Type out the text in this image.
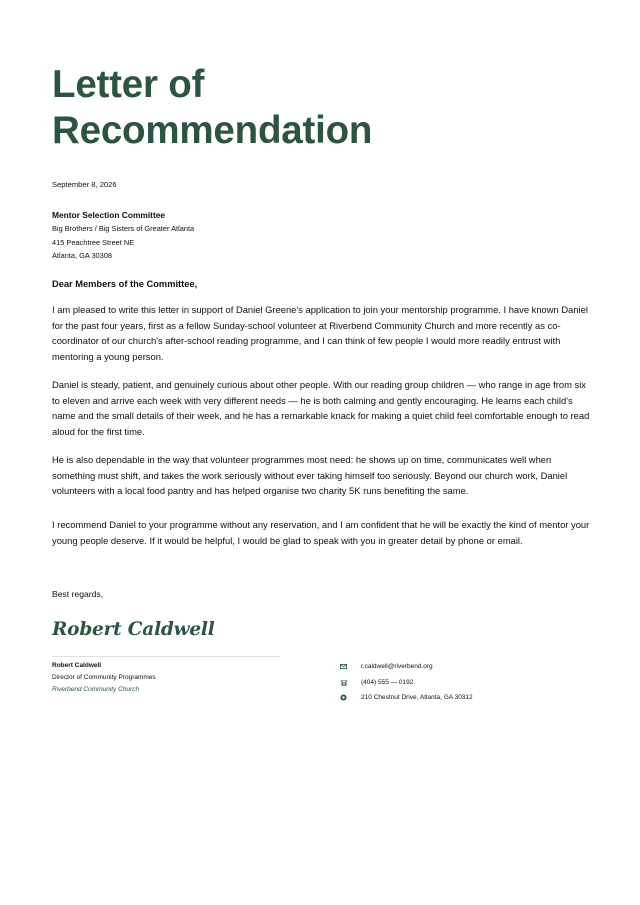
Letter of
Recommendation
September 8, 2026
Mentor Selection Committee
Big Brothers / Big Sisters of Greater Atlanta
415 Peachtree Street NE
Atlanta, GA 30308
Dear Members of the Committee,

I am pleased to write this letter in support of Daniel Greene's application to join your mentorship programme. I have known Daniel for the past four years, first as a fellow Sunday-school volunteer at Riverbend Community Church and more recently as co-coordinator of our church's after-school reading programme, and I can think of few people I would more readily entrust with mentoring a young person.

Daniel is steady, patient, and genuinely curious about other people. With our reading group children — who range in age from six to eleven and arrive each week with very different needs — he is both calming and gently encouraging. He learns each child's name and the small details of their week, and he has a remarkable knack for making a quiet child feel comfortable enough to read aloud for the first time.

He is also dependable in the way that volunteer programmes most need: he shows up on time, communicates well when something must shift, and takes the work seriously without ever taking himself too seriously. Beyond our church work, Daniel volunteers with a local food pantry and has helped organise two charity 5K runs benefiting the same.

I recommend Daniel to your programme without any reservation, and I am confident that he will be exactly the kind of mentor your young people deserve. If it would be helpful, I would be glad to speak with you in greater detail by phone or email.

Best regards,
Robert Caldwell
Robert Caldwell
Director of Community Programmes
Riverbend Community Church
r.caldwell@riverbend.org
(404) 555 — 0192
210 Chestnut Drive, Atlanta, GA 30312
